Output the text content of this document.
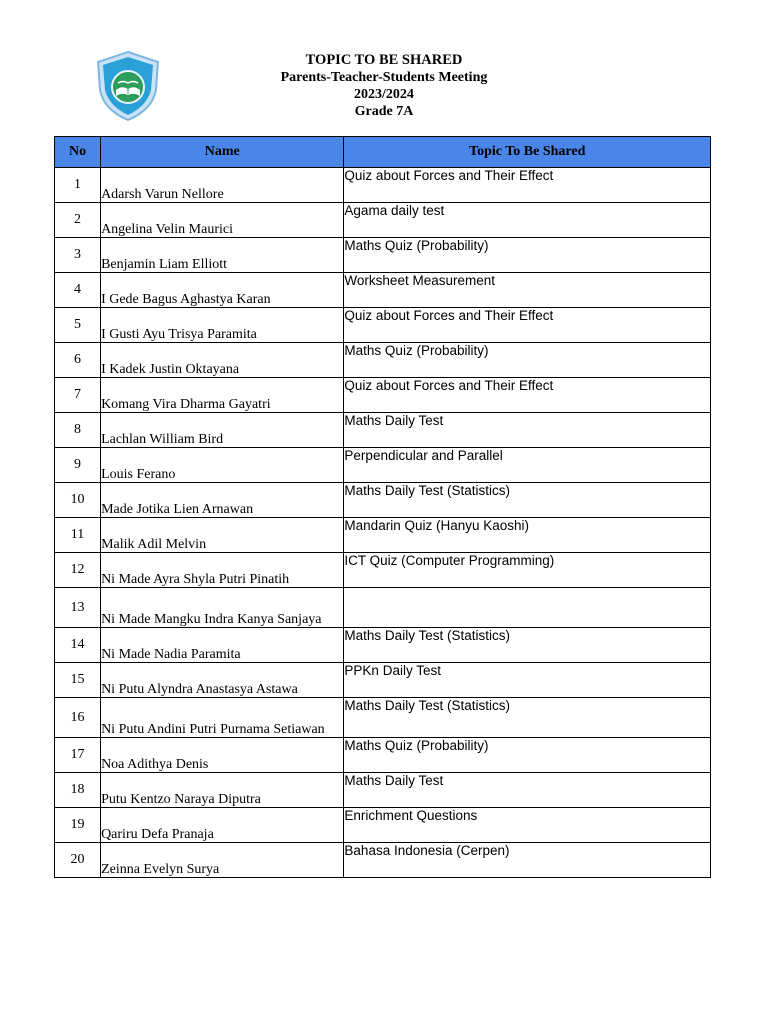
TOPIC TO BE SHARED
Parents-Teacher-Students Meeting
2023/2024
Grade 7A
No	Name	Topic To Be Shared
1	Adarsh Varun Nellore	Quiz about Forces and Their Effect
2	Angelina Velin Maurici	Agama daily test
3	Benjamin Liam Elliott	Maths Quiz (Probability)
4	I Gede Bagus Aghastya Karan	Worksheet Measurement
5	I Gusti Ayu Trisya Paramita	Quiz about Forces and Their Effect
6	I Kadek Justin Oktayana	Maths Quiz (Probability)
7	Komang Vira Dharma Gayatri	Quiz about Forces and Their Effect
8	Lachlan William Bird	Maths Daily Test
9	Louis Ferano	Perpendicular and Parallel
10	Made Jotika Lien Arnawan	Maths Daily Test (Statistics)
11	Malik Adil Melvin	Mandarin Quiz (Hanyu Kaoshi)
12	Ni Made Ayra Shyla Putri Pinatih	ICT Quiz (Computer Programming)
13	Ni Made Mangku Indra Kanya Sanjaya	
14	Ni Made Nadia Paramita	Maths Daily Test (Statistics)
15	Ni Putu Alyndra Anastasya Astawa	PPKn Daily Test
16	Ni Putu Andini Putri Purnama Setiawan	Maths Daily Test (Statistics)
17	Noa Adithya Denis	Maths Quiz (Probability)
18	Putu Kentzo Naraya Diputra	Maths Daily Test
19	Qariru Defa Pranaja	Enrichment Questions
20	Zeinna Evelyn Surya	Bahasa Indonesia (Cerpen)
